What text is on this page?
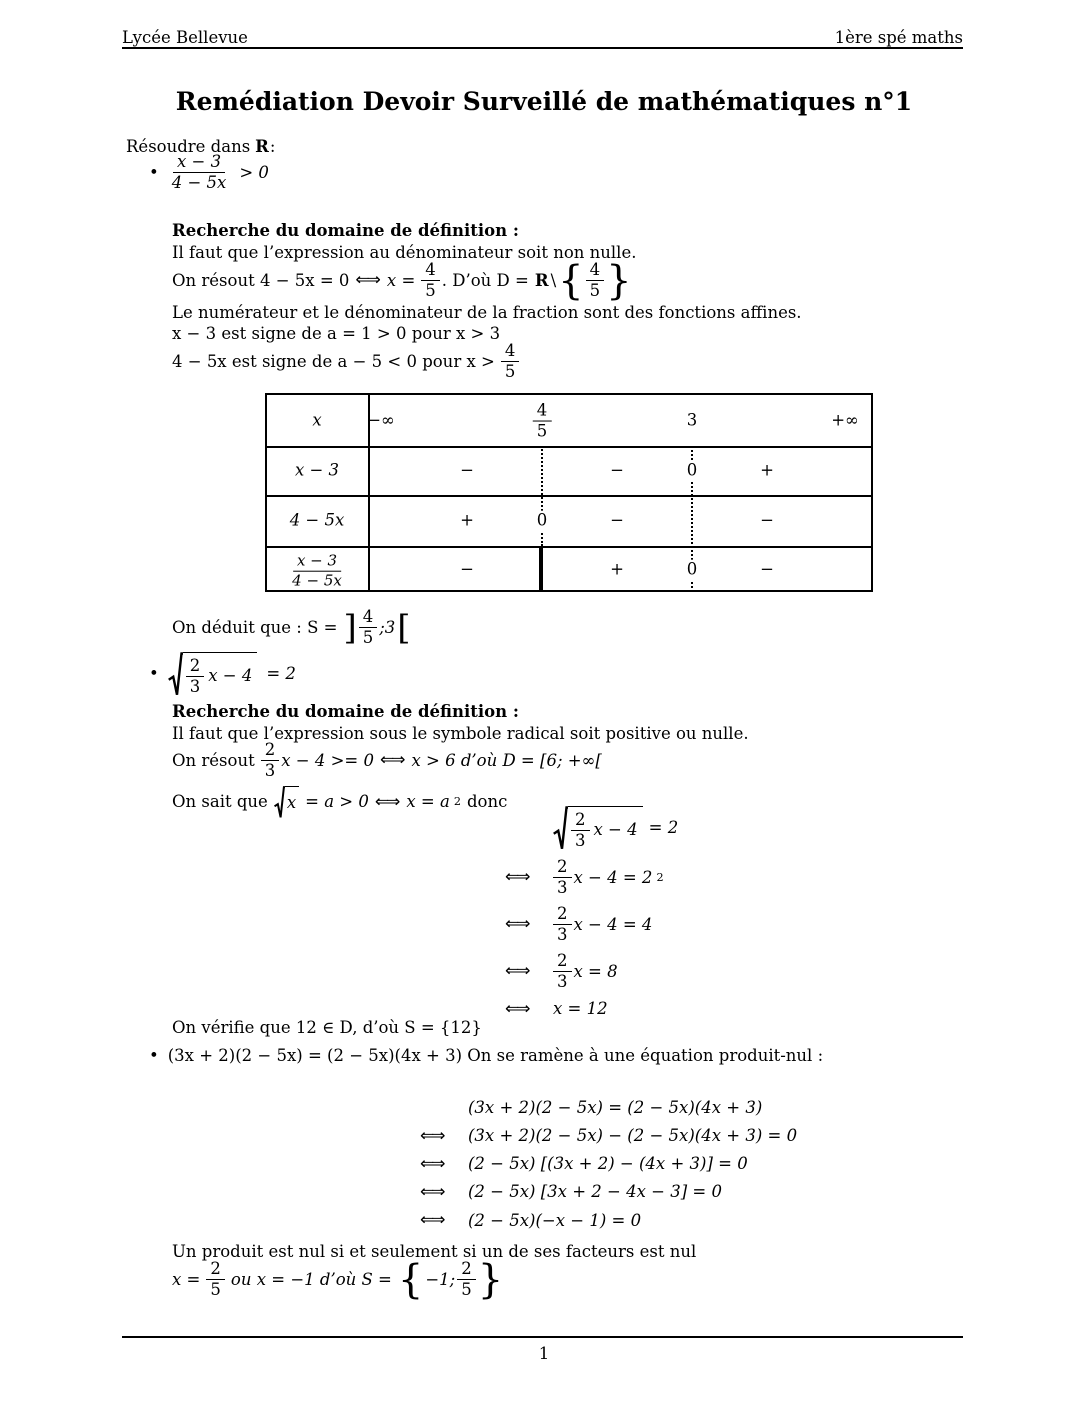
Lycée Bellevue	1ère spé maths
Remédiation Devoir Surveillé de mathématiques n°1
Résoudre dans R :
• $\frac{x - 3}{4 - 5x} > 0$
Recherche du domaine de définition :
Il faut que l’expression au dénominateur soit non nulle.
On résout 4 − 5x = 0 ⇐⇒ $x = \frac{4}{5}$ . D’où D = R \ { $\frac{4}{5}$ }
Le numérateur et le dénominateur de la fraction sont des fonctions affines.
x − 3 est signe de a = 1 > 0 pour x > 3
4 − 5x est signe de a − 5 < 0 pour $x > \frac{4}{5}$
x	−∞	$\frac{4}{5}$	3	+∞
x − 3	−	−	0	+
4 − 5x	+	0	−	−
$\frac{x - 3}{4 - 5x}$	−	+	0	−
On déduit que : S = ] $\frac{4}{5}$ ;3 [
• $\frac{2}{3}$ x − 4 = 2
Recherche du domaine de définition :
Il faut que l’expression sous le symbole radical soit positive ou nulle.
On résout $\frac{2}{3}$ x − 4 >= 0 ⇐⇒ x > 6 d’où D = [6; +∞[
On sait que x = a > 0 ⇐⇒ x = a 2 donc
$\frac{2}{3}$ x − 4 = 2
⇐⇒ $\frac{2}{3}$ x − 4 = 2 2
⇐⇒ $\frac{2}{3}$ x − 4 = 4
⇐⇒ $\frac{2}{3}$ x = 8
⇐⇒ x = 12
On vérifie que 12 ∈ D, d’où S = {12}
• (3x + 2)(2 − 5x) = (2 − 5x)(4x + 3) On se ramène à une équation produit-nul :
(3x + 2)(2 − 5x) = (2 − 5x)(4x + 3)
⇐⇒ (3x + 2)(2 − 5x) − (2 − 5x)(4x + 3) = 0
⇐⇒ (2 − 5x) [(3x + 2) − (4x + 3)] = 0
⇐⇒ (2 − 5x) [3x + 2 − 4x − 3] = 0
⇐⇒ (2 − 5x)(−x − 1) = 0
Un produit est nul si et seulement si un de ses facteurs est nul
$x = \frac{2}{5}$ ou x = −1 d’où S = { −1; $\frac{2}{5}$ }
1
